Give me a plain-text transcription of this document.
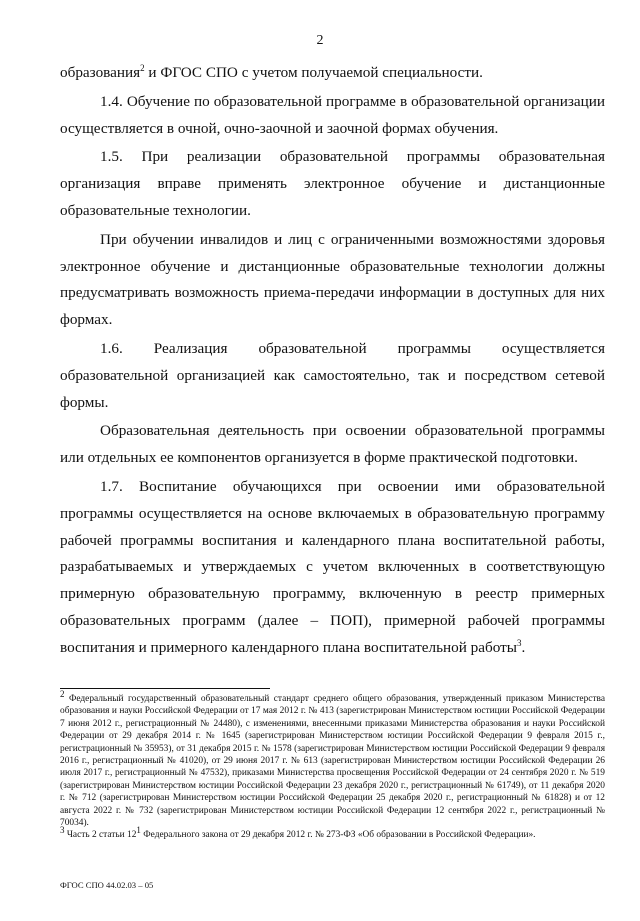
2

образования$^2$ и ФГОС СПО с учетом получаемой специальности.

1.4. Обучение по образовательной программе в образовательной организации осуществляется в очной, очно-заочной и заочной формах обучения.

1.5. При реализации образовательной программы образовательная организация вправе применять электронное обучение и дистанционные образовательные технологии.

При обучении инвалидов и лиц с ограниченными возможностями здоровья электронное обучение и дистанционные образовательные технологии должны предусматривать возможность приема-передачи информации в доступных для них формах.

1.6. Реализация образовательной программы осуществляется образовательной организацией как самостоятельно, так и посредством сетевой формы.

Образовательная деятельность при освоении образовательной программы или отдельных ее компонентов организуется в форме практической подготовки.

1.7. Воспитание обучающихся при освоении ими образовательной программы осуществляется на основе включаемых в образовательную программу рабочей программы воспитания и календарного плана воспитательной работы, разрабатываемых и утверждаемых с учетом включенных в соответствующую примерную образовательную программу, включенную в реестр примерных образовательных программ (далее – ПОП), примерной рабочей программы воспитания и примерного календарного плана воспитательной работы$^3$.

$^2$ Федеральный государственный образовательный стандарт среднего общего образования, утвержденный приказом Министерства образования и науки Российской Федерации от 17 мая 2012 г. № 413 (зарегистрирован Министерством юстиции Российской Федерации 7 июня 2012 г., регистрационный № 24480), с изменениями, внесенными приказами Министерства образования и науки Российской Федерации от 29 декабря 2014 г. № 1645 (зарегистрирован Министерством юстиции Российской Федерации 9 февраля 2015 г., регистрационный № 35953), от 31 декабря 2015 г. № 1578 (зарегистрирован Министерством юстиции Российской Федерации 9 февраля 2016 г., регистрационный № 41020), от 29 июня 2017 г. № 613 (зарегистрирован Министерством юстиции Российской Федерации 26 июля 2017 г., регистрационный № 47532), приказами Министерства просвещения Российской Федерации от 24 сентября 2020 г. № 519 (зарегистрирован Министерством юстиции Российской Федерации 23 декабря 2020 г., регистрационный № 61749), от 11 декабря 2020 г. № 712 (зарегистрирован Министерством юстиции Российской Федерации 25 декабря 2020 г., регистрационный № 61828) и от 12 августа 2022 г. № 732 (зарегистрирован Министерством юстиции Российской Федерации 12 сентября 2022 г., регистрационный № 70034).

$^3$ Часть 2 статьи $12^1$ Федерального закона от 29 декабря 2012 г. № 273-ФЗ «Об образовании в Российской Федерации».

ФГОС СПО 44.02.03 – 05
